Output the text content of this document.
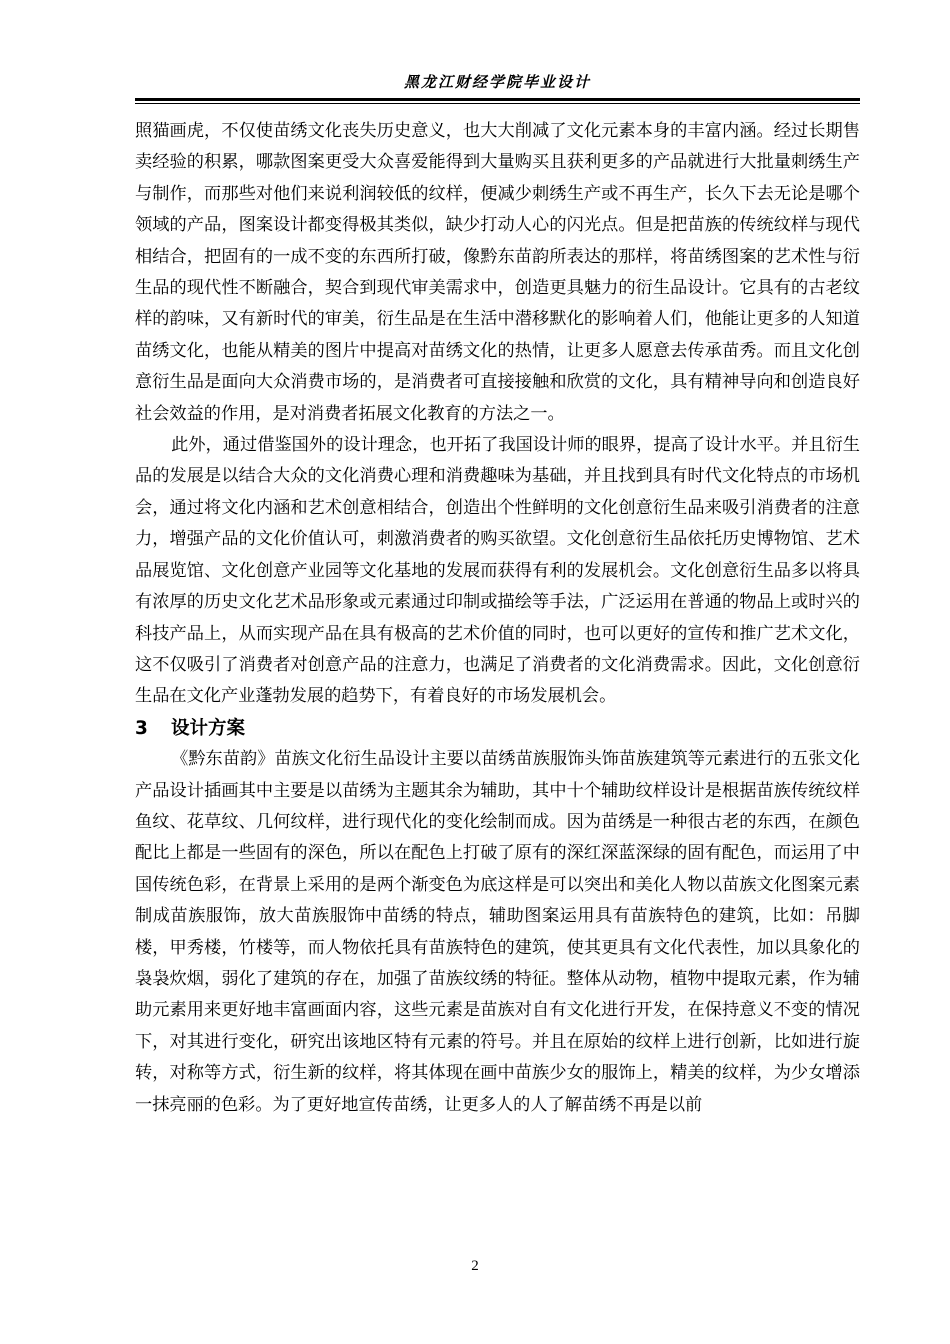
黑龙江财经学院毕业设计

照猫画虎，不仅使苗绣文化丧失历史意义，也大大削减了文化元素本身的丰富内涵。经过长期售卖经验的积累，哪款图案更受大众喜爱能得到大量购买且获利更多的产品就进行大批量刺绣生产与制作，而那些对他们来说利润较低的纹样，便减少刺绣生产或不再生产，长久下去无论是哪个领域的产品，图案设计都变得极其类似，缺少打动人心的闪光点。但是把苗族的传统纹样与现代相结合，把固有的一成不变的东西所打破，像黔东苗韵所表达的那样，将苗绣图案的艺术性与衍生品的现代性不断融合，契合到现代审美需求中，创造更具魅力的衍生品设计。它具有的古老纹样的韵味，又有新时代的审美，衍生品是在生活中潜移默化的影响着人们，他能让更多的人知道苗绣文化，也能从精美的图片中提高对苗绣文化的热情，让更多人愿意去传承苗秀。而且文化创意衍生品是面向大众消费市场的，是消费者可直接接触和欣赏的文化，具有精神导向和创造良好社会效益的作用，是对消费者拓展文化教育的方法之一。

此外，通过借鉴国外的设计理念，也开拓了我国设计师的眼界，提高了设计水平。并且衍生品的发展是以结合大众的文化消费心理和消费趣味为基础，并且找到具有时代文化特点的市场机会，通过将文化内涵和艺术创意相结合，创造出个性鲜明的文化创意衍生品来吸引消费者的注意力，增强产品的文化价值认可，刺激消费者的购买欲望。文化创意衍生品依托历史博物馆、艺术品展览馆、文化创意产业园等文化基地的发展而获得有利的发展机会。文化创意衍生品多以将具有浓厚的历史文化艺术品形象或元素通过印制或描绘等手法，广泛运用在普通的物品上或时兴的科技产品上，从而实现产品在具有极高的艺术价值的同时，也可以更好的宣传和推广艺术文化，这不仅吸引了消费者对创意产品的注意力，也满足了消费者的文化消费需求。因此，文化创意衍生品在文化产业蓬勃发展的趋势下，有着良好的市场发展机会。

3 设计方案

《黔东苗韵》苗族文化衍生品设计主要以苗绣苗族服饰头饰苗族建筑等元素进行的五张文化产品设计插画其中主要是以苗绣为主题其余为辅助，其中十个辅助纹样设计是根据苗族传统纹样鱼纹、花草纹、几何纹样，进行现代化的变化绘制而成。因为苗绣是一种很古老的东西，在颜色配比上都是一些固有的深色，所以在配色上打破了原有的深红深蓝深绿的固有配色，而运用了中国传统色彩，在背景上采用的是两个渐变色为底这样是可以突出和美化人物以苗族文化图案元素制成苗族服饰，放大苗族服饰中苗绣的特点，辅助图案运用具有苗族特色的建筑，比如：吊脚楼，甲秀楼，竹楼等，而人物依托具有苗族特色的建筑，使其更具有文化代表性，加以具象化的袅袅炊烟，弱化了建筑的存在，加强了苗族纹绣的特征。整体从动物，植物中提取元素，作为辅助元素用来更好地丰富画面内容，这些元素是苗族对自有文化进行开发，在保持意义不变的情况下，对其进行变化，研究出该地区特有元素的符号。并且在原始的纹样上进行创新，比如进行旋转，对称等方式，衍生新的纹样，将其体现在画中苗族少女的服饰上，精美的纹样，为少女增添一抹亮丽的色彩。为了更好地宣传苗绣，让更多人的人了解苗绣不再是以前

2
